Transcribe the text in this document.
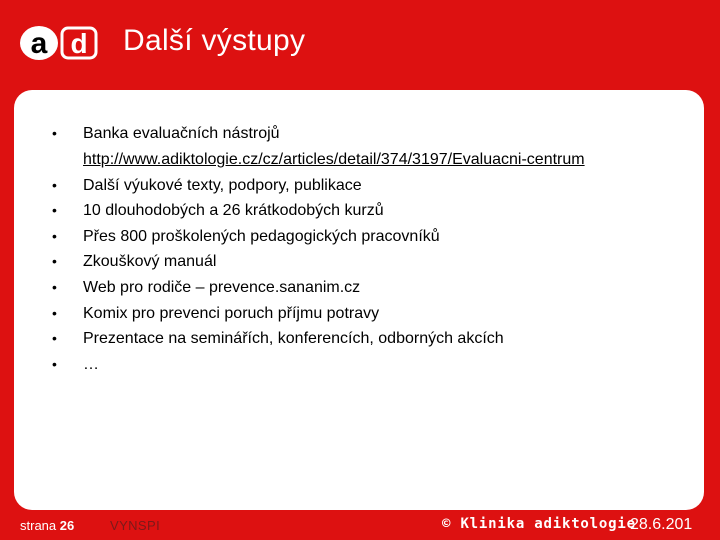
a d Další výstupy
•	Banka evaluačních nástrojů
http://www.adiktologie.cz/cz/articles/detail/374/3197/Evaluacni-centrum
•	Další výukové texty, podpory, publikace
•	10 dlouhodobých a 26 krátkodobých kurzů
•	Přes 800 proškolených pedagogických pracovníků
•	Zkouškový manuál
•	Web pro rodiče – prevence.sananim.cz
•	Komix pro prevenci poruch příjmu potravy
•	Prezentace na seminářích, konferencích, odborných akcích
•	…
strana 26	VYNSPI	© Klinika adiktologie
28.6.201
